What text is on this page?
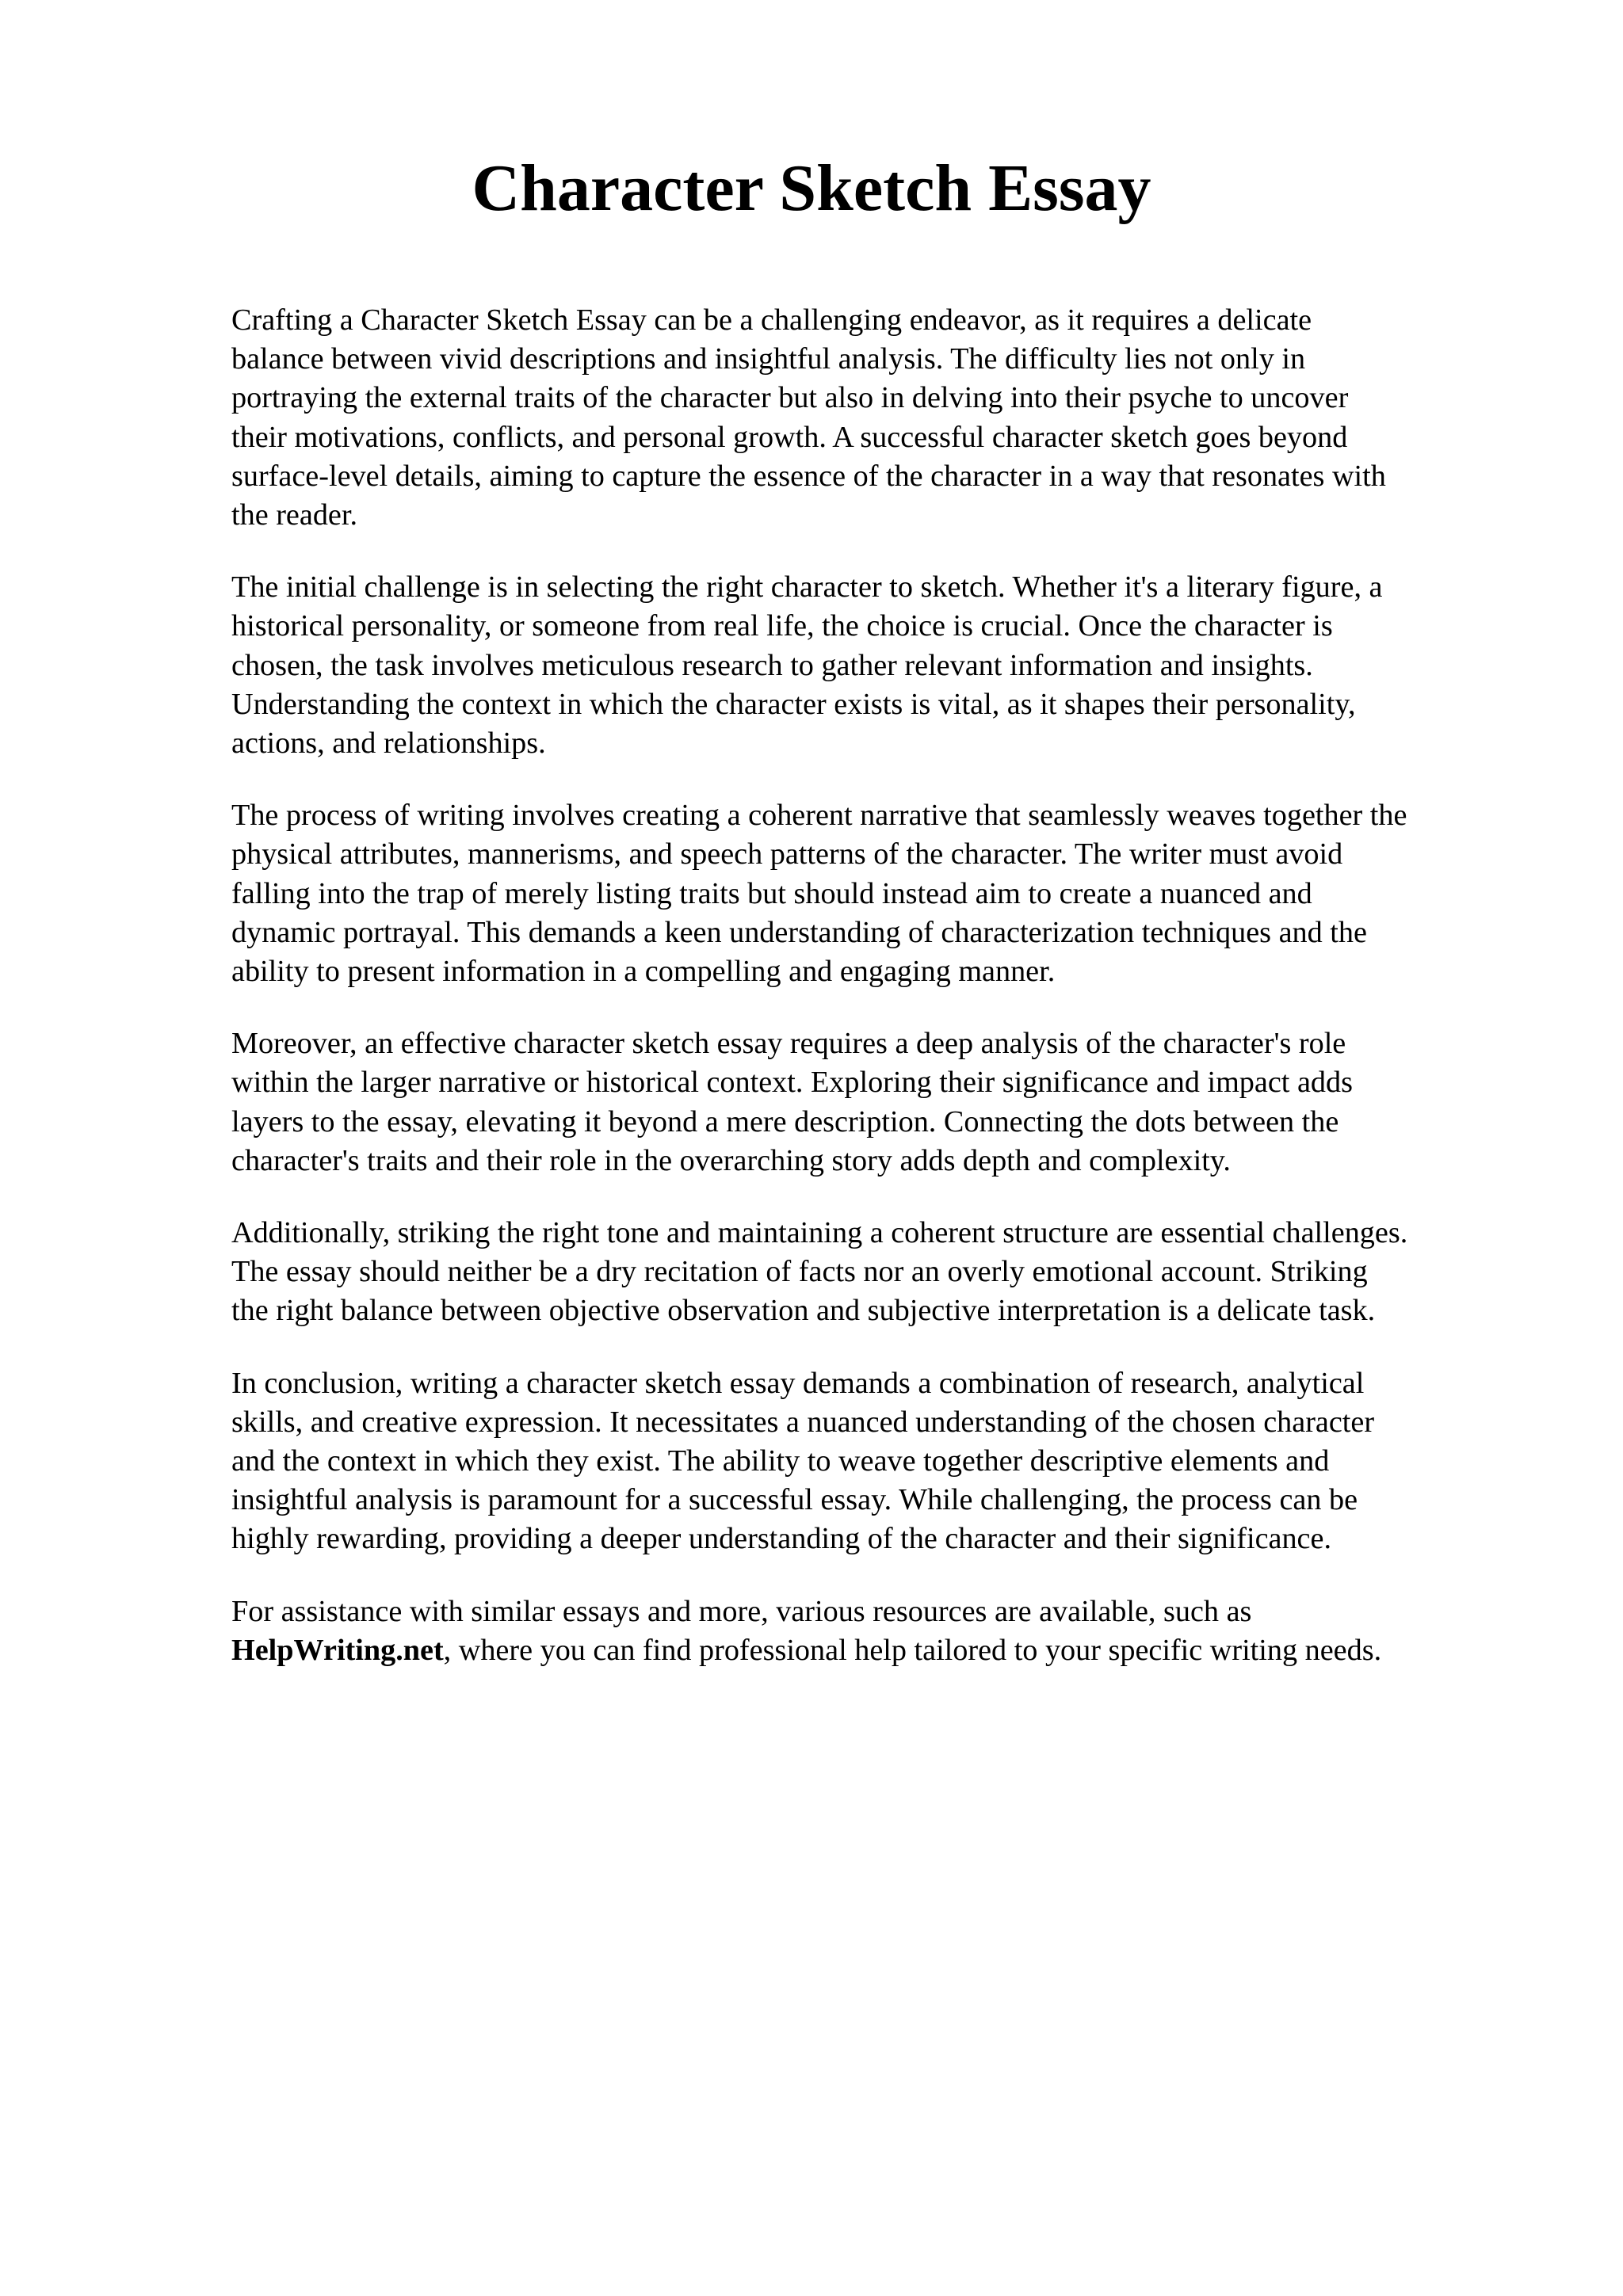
Character Sketch Essay

Crafting a Character Sketch Essay can be a challenging endeavor, as it requires a delicate
balance between vivid descriptions and insightful analysis. The difficulty lies not only in
portraying the external traits of the character but also in delving into their psyche to uncover
their motivations, conflicts, and personal growth. A successful character sketch goes beyond
surface-level details, aiming to capture the essence of the character in a way that resonates with
the reader.

The initial challenge is in selecting the right character to sketch. Whether it's a literary figure, a
historical personality, or someone from real life, the choice is crucial. Once the character is
chosen, the task involves meticulous research to gather relevant information and insights.
Understanding the context in which the character exists is vital, as it shapes their personality,
actions, and relationships.

The process of writing involves creating a coherent narrative that seamlessly weaves together the
physical attributes, mannerisms, and speech patterns of the character. The writer must avoid
falling into the trap of merely listing traits but should instead aim to create a nuanced and
dynamic portrayal. This demands a keen understanding of characterization techniques and the
ability to present information in a compelling and engaging manner.

Moreover, an effective character sketch essay requires a deep analysis of the character's role
within the larger narrative or historical context. Exploring their significance and impact adds
layers to the essay, elevating it beyond a mere description. Connecting the dots between the
character's traits and their role in the overarching story adds depth and complexity.

Additionally, striking the right tone and maintaining a coherent structure are essential challenges.
The essay should neither be a dry recitation of facts nor an overly emotional account. Striking
the right balance between objective observation and subjective interpretation is a delicate task.

In conclusion, writing a character sketch essay demands a combination of research, analytical
skills, and creative expression. It necessitates a nuanced understanding of the chosen character
and the context in which they exist. The ability to weave together descriptive elements and
insightful analysis is paramount for a successful essay. While challenging, the process can be
highly rewarding, providing a deeper understanding of the character and their significance.

For assistance with similar essays and more, various resources are available, such as
HelpWriting.net, where you can find professional help tailored to your specific writing needs.
